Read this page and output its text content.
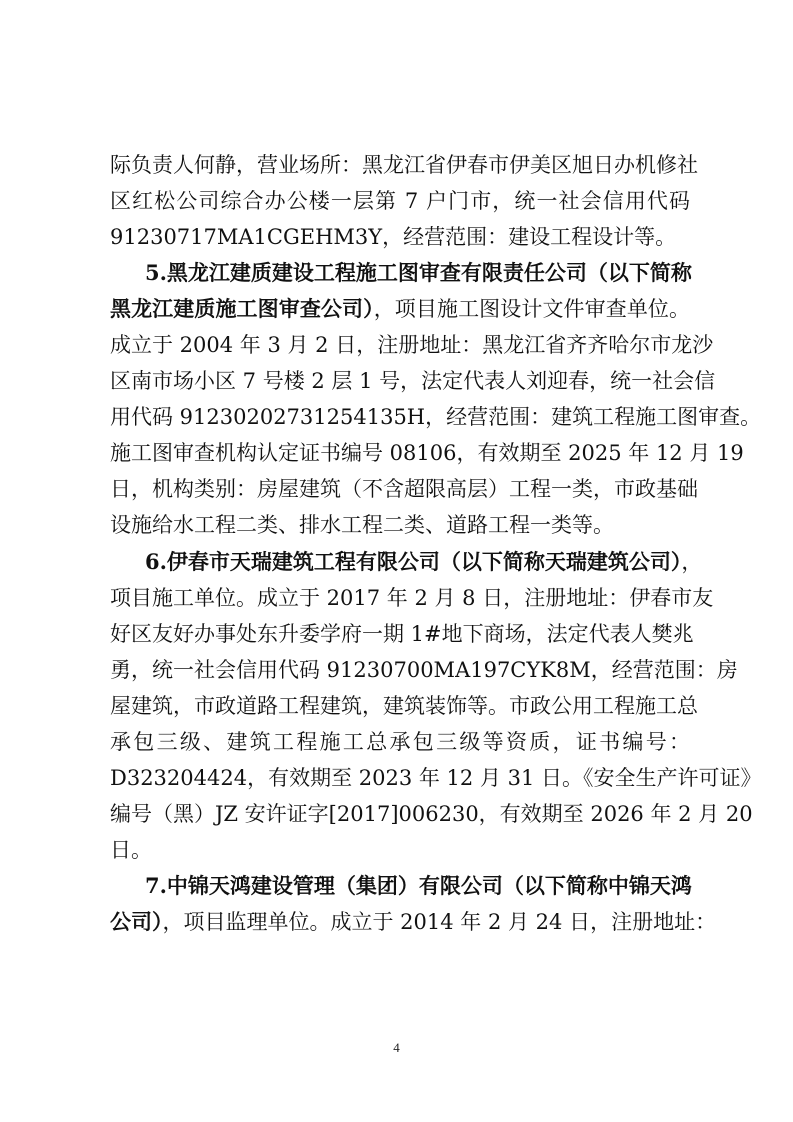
际负责人何静，营业场所：黑龙江省伊春市伊美区旭日办机修社
区红松公司综合办公楼一层第 7 户门市，统一社会信用代码
91230717MA1CGEHM3Y，经营范围：建设工程设计等。
5.黑龙江建质建设工程施工图审查有限责任公司（以下简称
黑龙江建质施工图审查公司），项目施工图设计文件审查单位。
成立于 2004 年 3 月 2 日，注册地址：黑龙江省齐齐哈尔市龙沙
区南市场小区 7 号楼 2 层 1 号，法定代表人刘迎春，统一社会信
用代码 91230202731254135H，经营范围：建筑工程施工图审查。
施工图审查机构认定证书编号 08106，有效期至 2025 年 12 月 19
日，机构类别：房屋建筑（不含超限高层）工程一类，市政基础
设施给水工程二类、排水工程二类、道路工程一类等。
6.伊春市天瑞建筑工程有限公司（以下简称天瑞建筑公司），
项目施工单位。成立于 2017 年 2 月 8 日，注册地址：伊春市友
好区友好办事处东升委学府一期 1#地下商场，法定代表人樊兆
勇，统一社会信用代码 91230700MA197CYK8M，经营范围：房
屋建筑，市政道路工程建筑，建筑装饰等。市政公用工程施工总
承包三级、建筑工程施工总承包三级等资质，证书编号：
D323204424，有效期至 2023 年 12 月 31 日。《安全生产许可证》
编号（黑）JZ 安许证字[2017]006230，有效期至 2026 年 2 月 20
日。
7.中锦天鸿建设管理（集团）有限公司（以下简称中锦天鸿
公司），项目监理单位。成立于 2014 年 2 月 24 日，注册地址：
4
